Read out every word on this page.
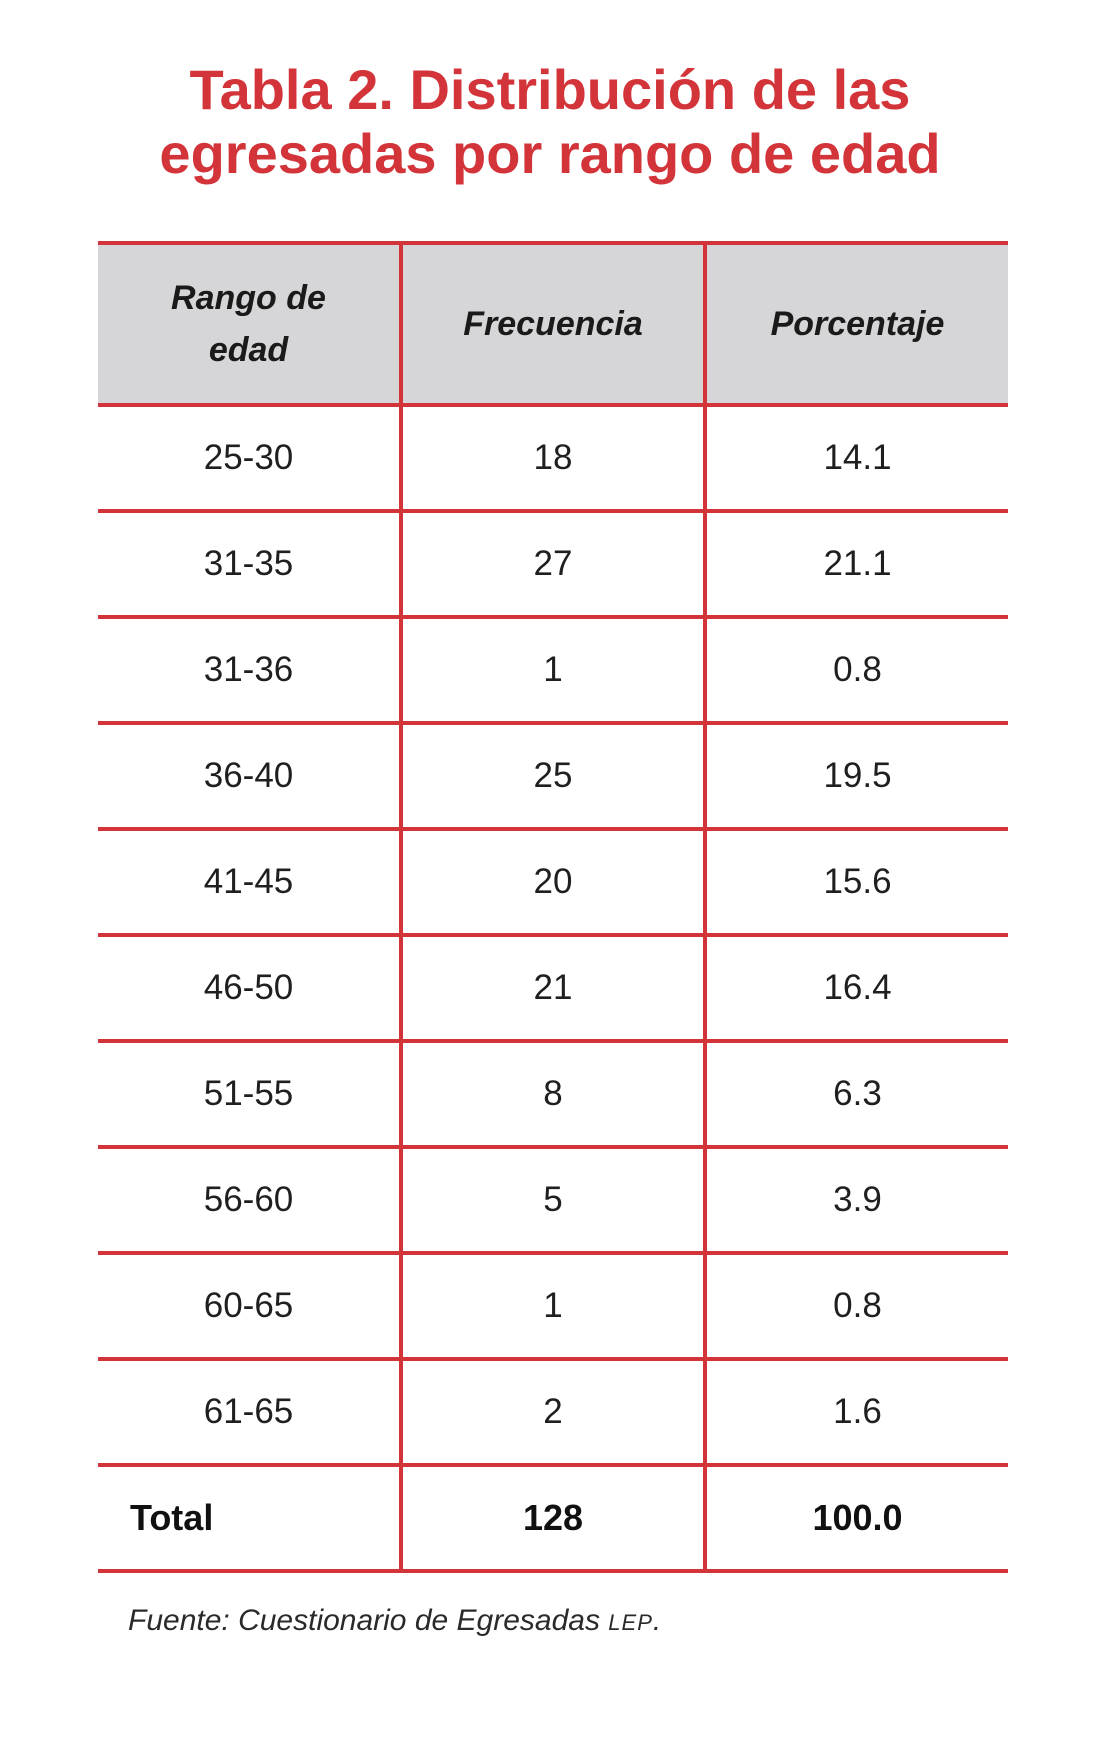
Tabla 2. Distribución de las
egresadas por rango de edad
Rango de
edad	Frecuencia	Porcentaje
25-30	18	14.1
31-35	27	21.1
31-36	1	0.8
36-40	25	19.5
41-45	20	15.6
46-50	21	16.4
51-55	8	6.3
56-60	5	3.9
60-65	1	0.8
61-65	2	1.6
Total	128	100.0
Fuente: Cuestionario de Egresadas LEP.
